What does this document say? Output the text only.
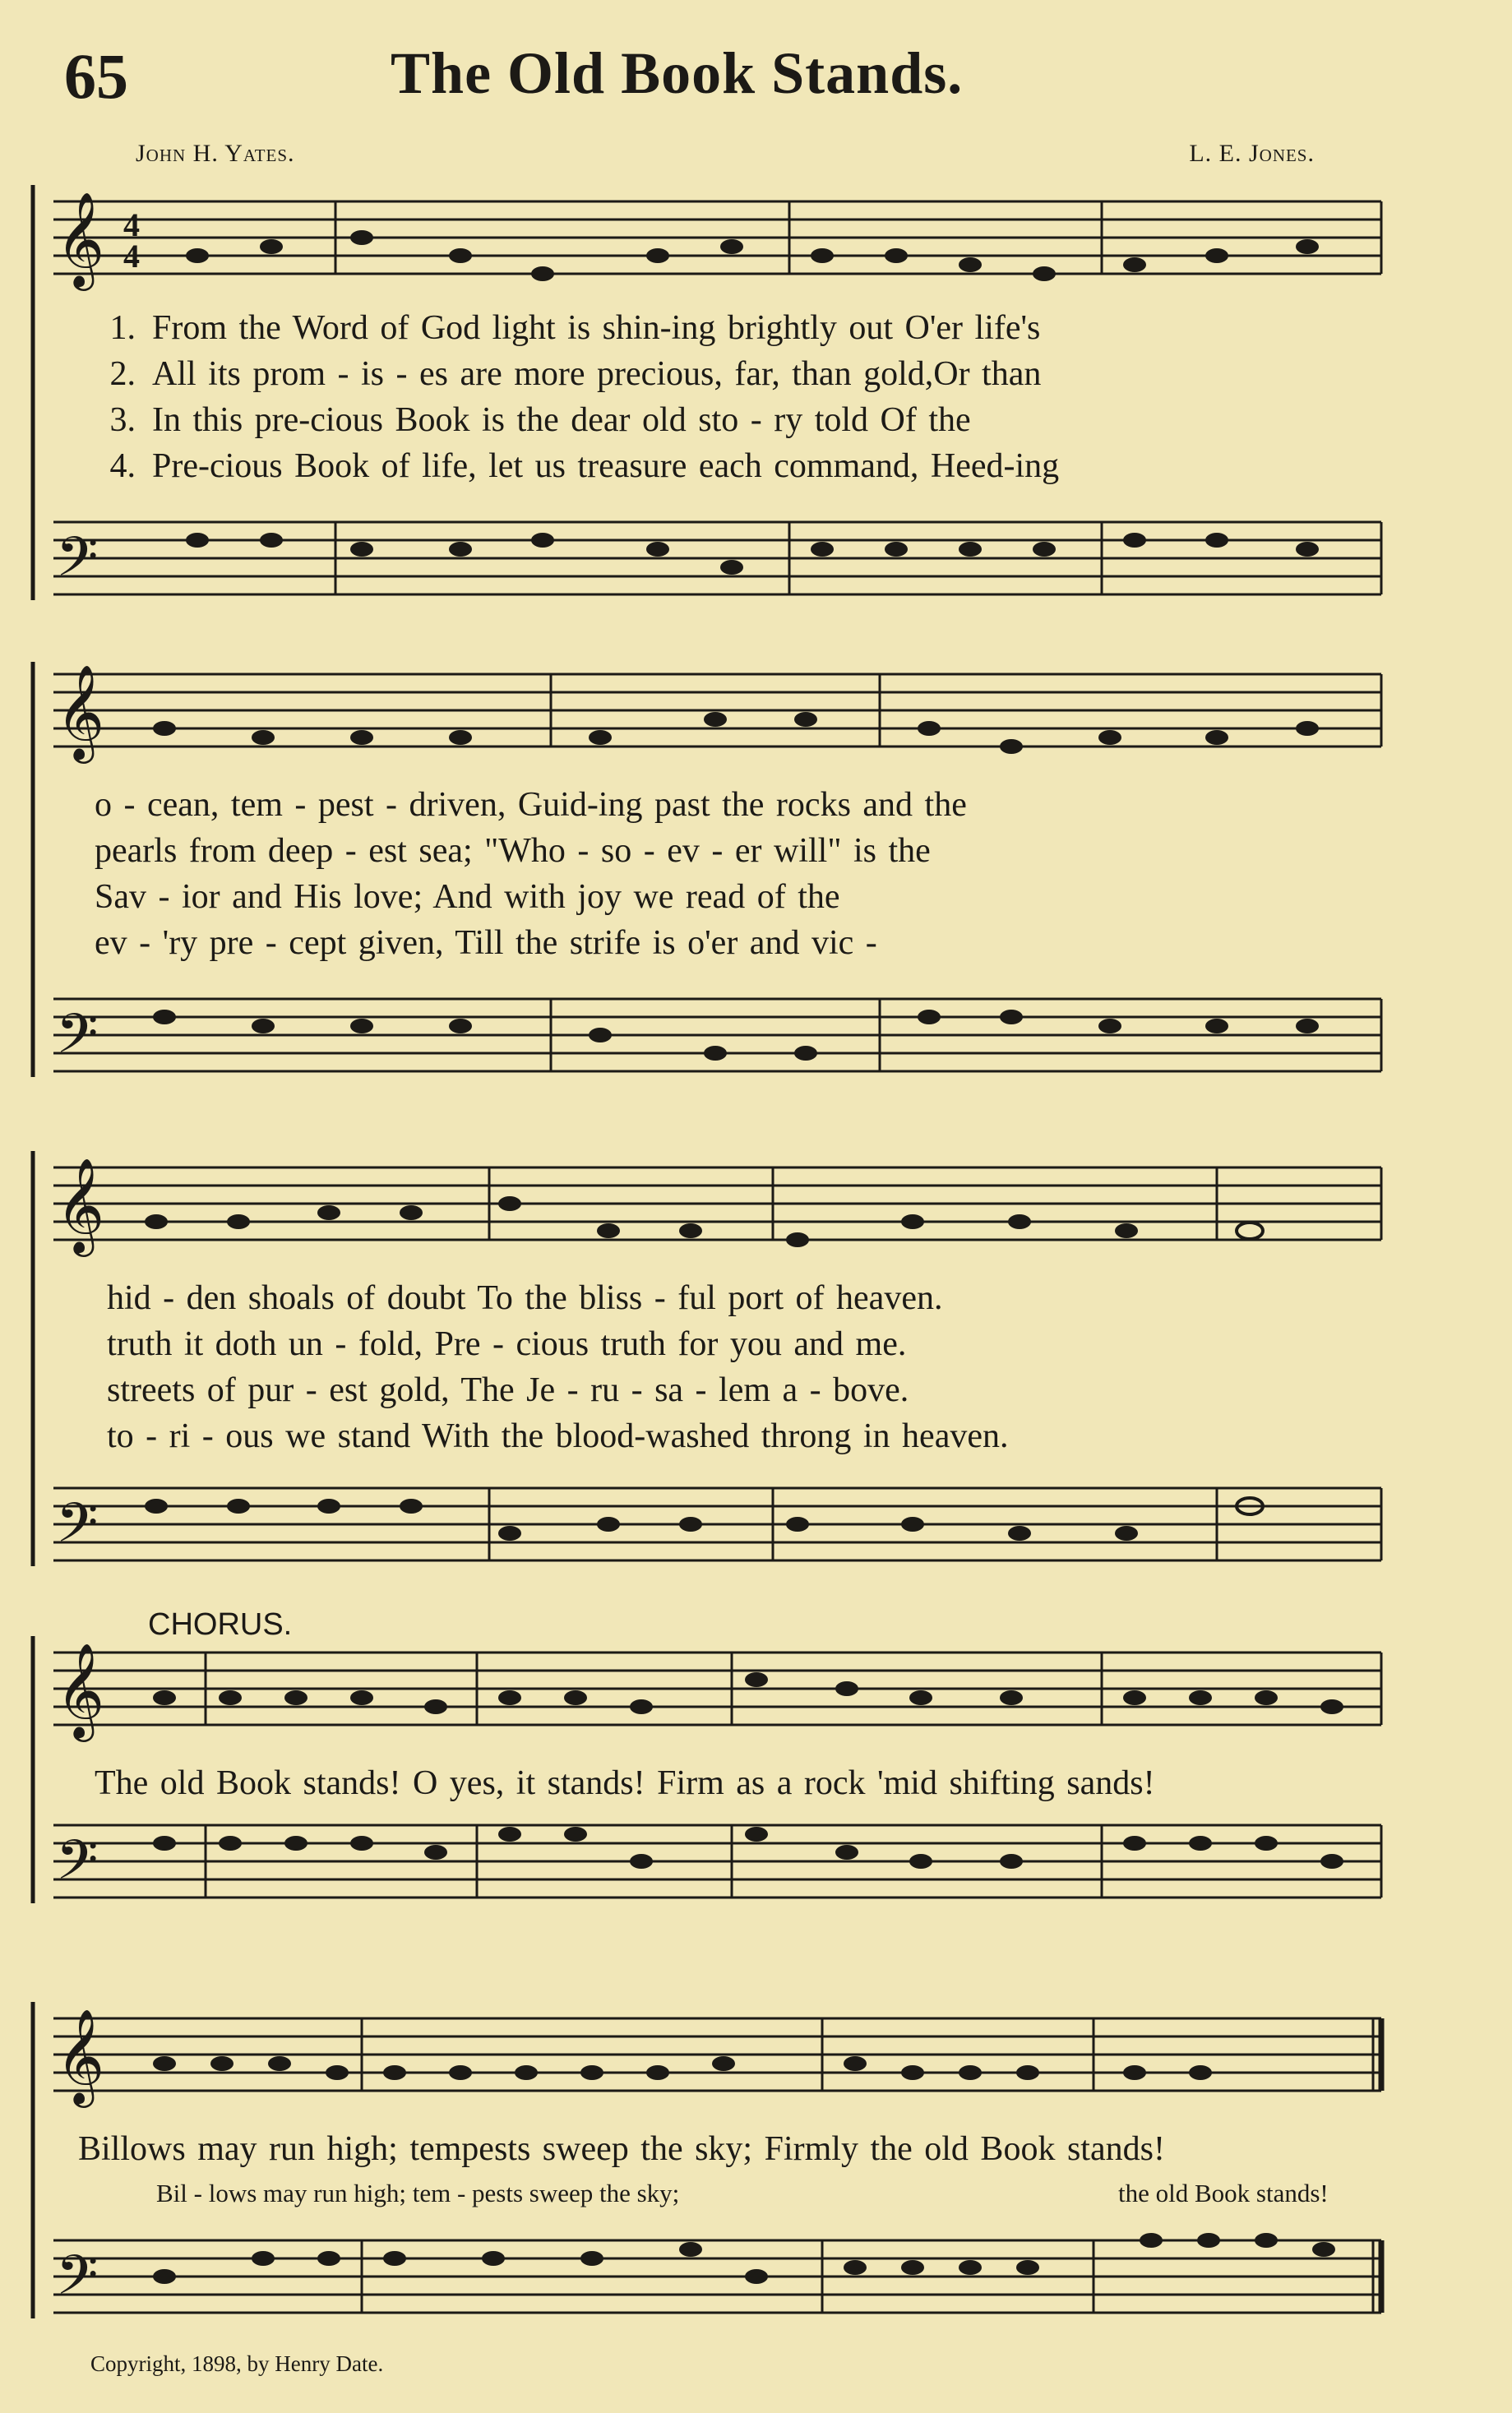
65	The Old Book Stands.
John H. Yates.	L. E. Jones.
𝄞 4
4
1. From the Word of God light is shin-ing brightly out O'er life's
2. All its prom - is - es are more precious, far, than gold,Or than
3. In this pre-cious Book is the dear old sto - ry told Of the
4. Pre-cious Book of life, let us treasure each command, Heed-ing
𝄢
𝄞
o - cean, tem - pest - driven, Guid-ing past the rocks and the
pearls from deep - est sea; "Who - so - ev - er will" is the
Sav - ior and His love; And with joy we read of the
ev - 'ry pre - cept given, Till the strife is o'er and vic -
𝄢
𝄞
hid - den shoals of doubt To the bliss - ful port of heaven.
truth it doth un - fold, Pre - cious truth for you and me.
streets of pur - est gold, The Je - ru - sa - lem a - bove.
to - ri - ous we stand With the blood-washed throng in heaven.
𝄢
CHORUS.
𝄞
The old Book stands! O yes, it stands! Firm as a rock 'mid shifting sands!
𝄢
𝄞
Billows may run high; tempests sweep the sky; Firmly the old Book stands!
Bil - lows may run high; tem - pests sweep the sky;	the old Book stands!
𝄢
Copyright, 1898, by Henry Date.
